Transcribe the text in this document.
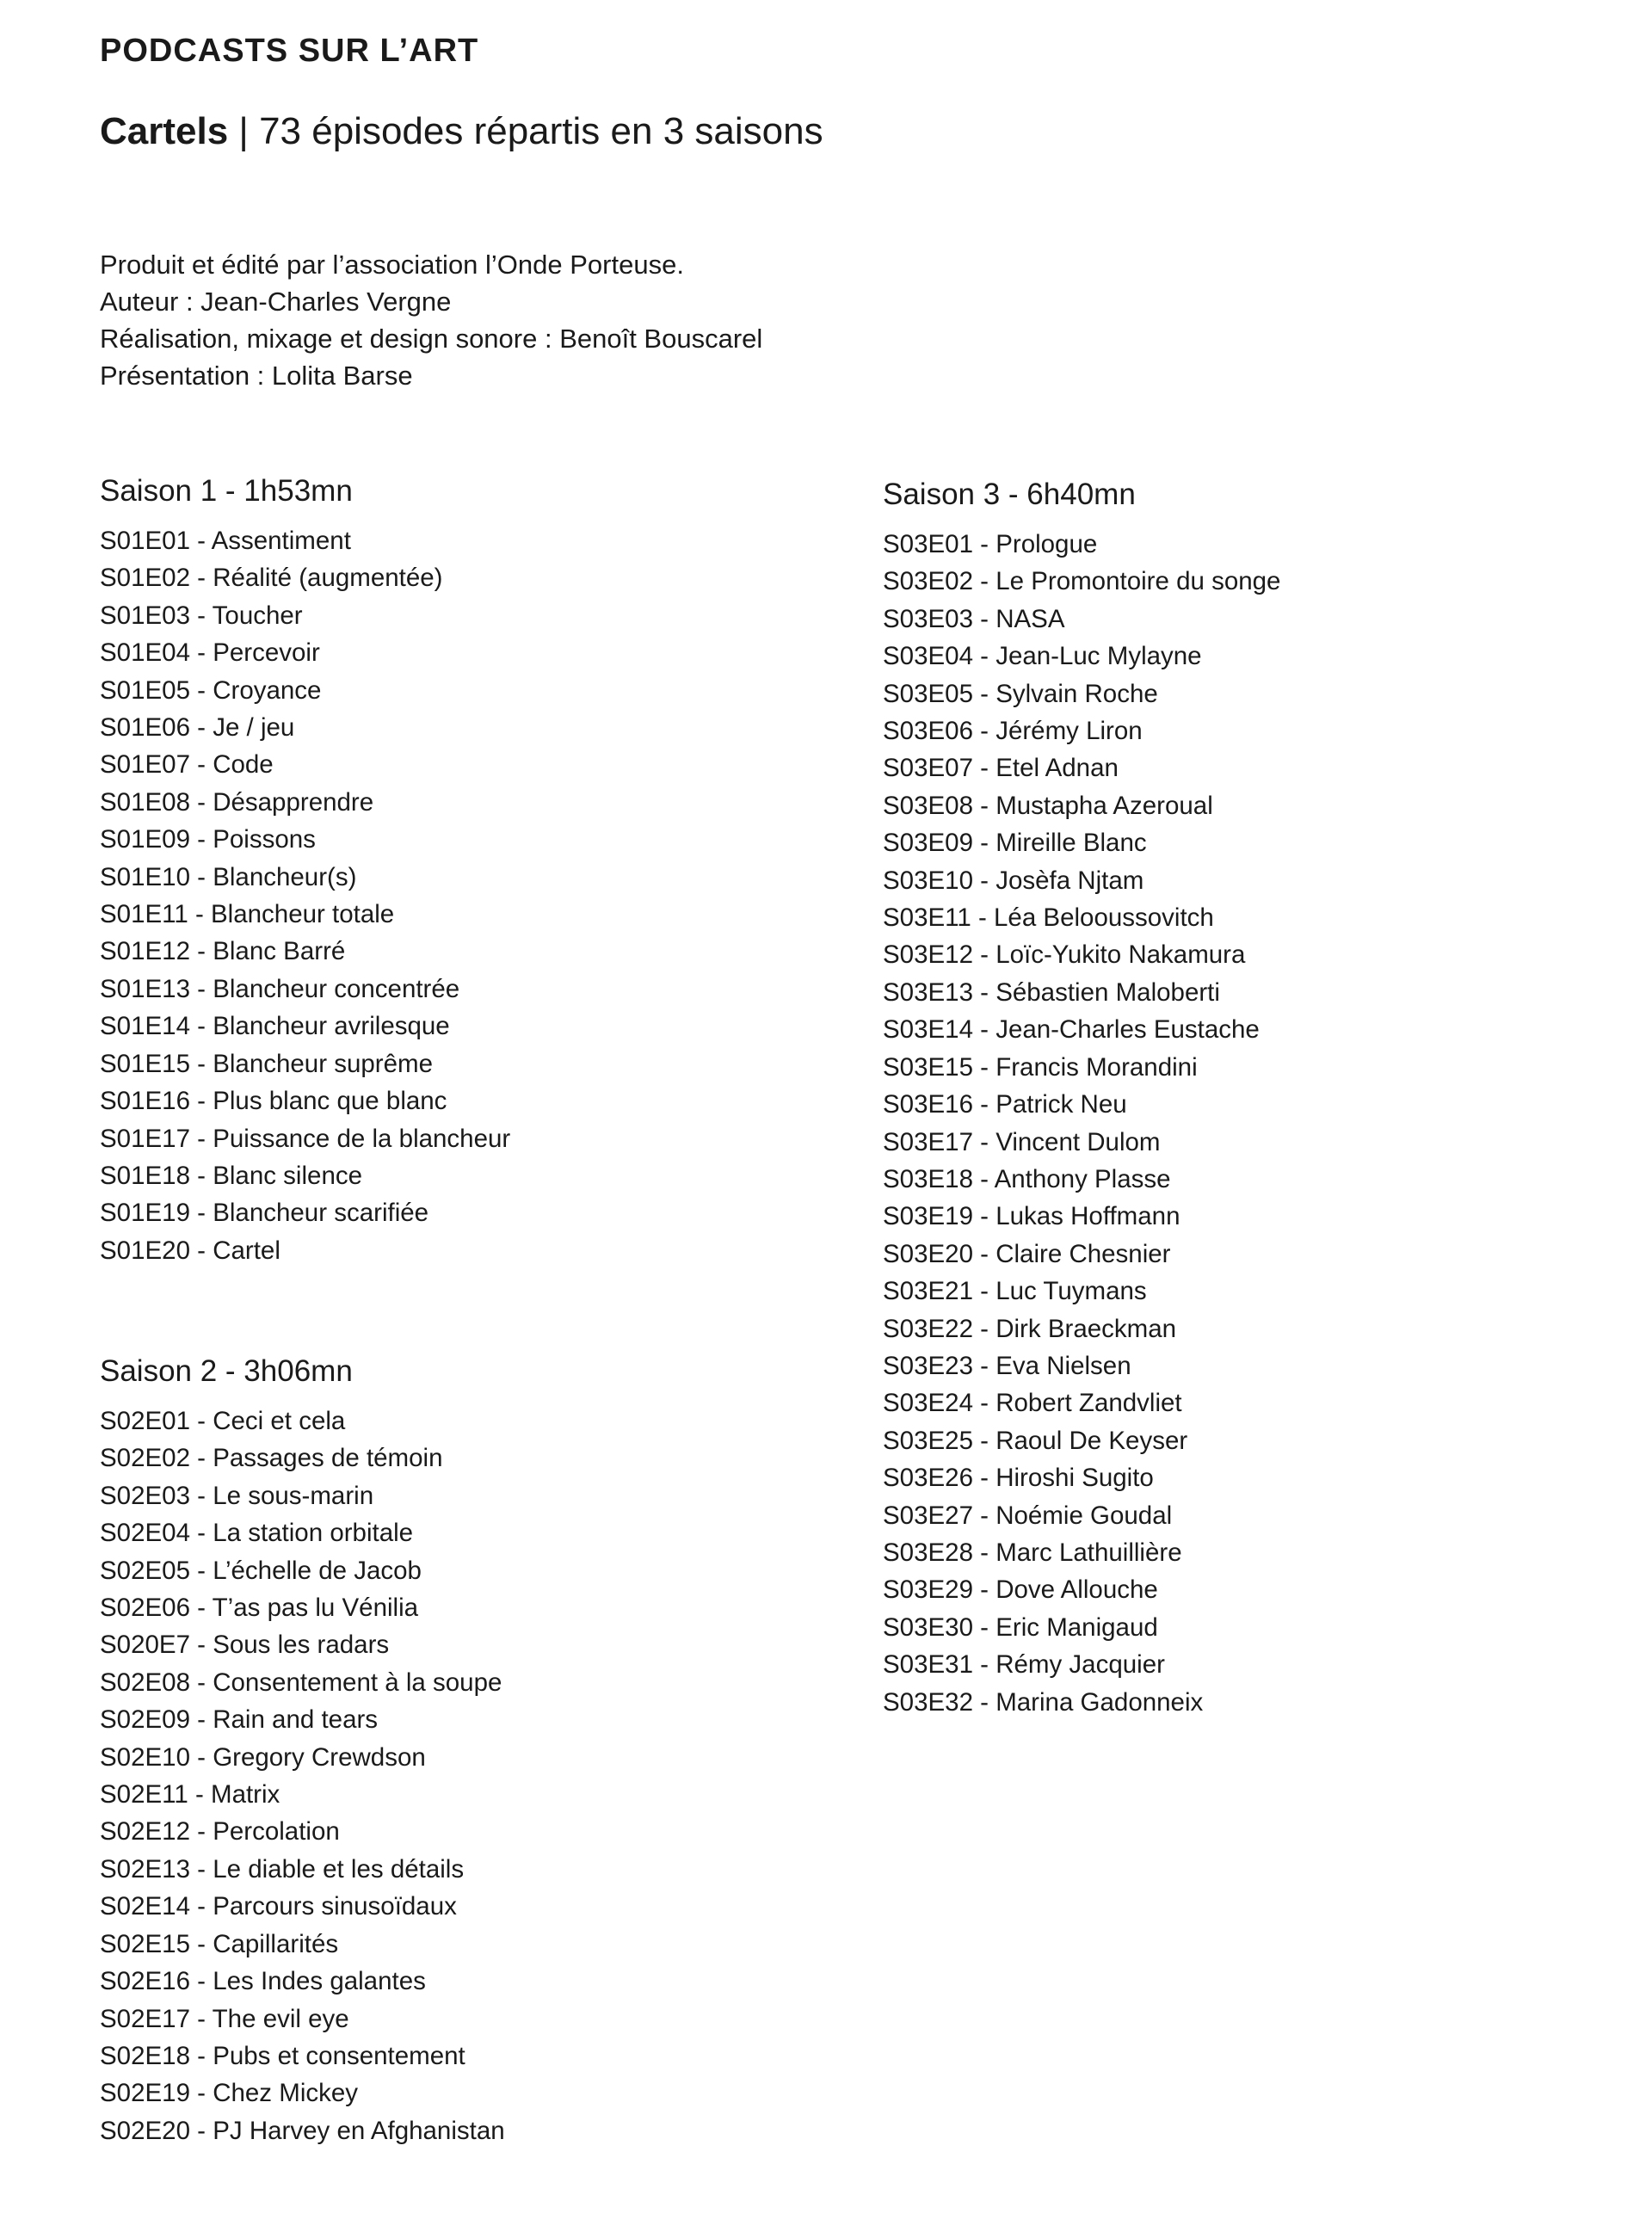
PODCASTS SUR L’ART
Cartels | 73 épisodes répartis en 3 saisons
Produit et édité par l’association l’Onde Porteuse.
Auteur : Jean-Charles Vergne
Réalisation, mixage et design sonore : Benoît Bouscarel
Présentation : Lolita Barse
Saison 1 - 1h53mn
S01E01 - Assentiment
S01E02 - Réalité (augmentée)
S01E03 - Toucher
S01E04 - Percevoir
S01E05 - Croyance
S01E06 - Je / jeu
S01E07 - Code
S01E08 - Désapprendre
S01E09 - Poissons
S01E10 - Blancheur(s)
S01E11 - Blancheur totale
S01E12 - Blanc Barré
S01E13 - Blancheur concentrée
S01E14 - Blancheur avrilesque
S01E15 - Blancheur suprême
S01E16 - Plus blanc que blanc
S01E17 - Puissance de la blancheur
S01E18 - Blanc silence
S01E19 - Blancheur scarifiée
S01E20 - Cartel
Saison 2 - 3h06mn
S02E01 - Ceci et cela
S02E02 - Passages de témoin
S02E03 - Le sous-marin
S02E04 - La station orbitale
S02E05 - L’échelle de Jacob
S02E06 - T’as pas lu Vénilia
S020E7 - Sous les radars
S02E08 - Consentement à la soupe
S02E09 - Rain and tears
S02E10 - Gregory Crewdson
S02E11 - Matrix
S02E12 - Percolation
S02E13 - Le diable et les détails
S02E14 - Parcours sinusoïdaux
S02E15 - Capillarités
S02E16 - Les Indes galantes
S02E17 - The evil eye
S02E18 - Pubs et consentement
S02E19 - Chez Mickey
S02E20 - PJ Harvey en Afghanistan
Saison 3 - 6h40mn
S03E01 - Prologue
S03E02 - Le Promontoire du songe
S03E03 - NASA
S03E04 - Jean-Luc Mylayne
S03E05 - Sylvain Roche
S03E06 - Jérémy Liron
S03E07 - Etel Adnan
S03E08 - Mustapha Azeroual
S03E09 - Mireille Blanc
S03E10 - Josèfa Njtam
S03E11 - Léa Belooussovitch
S03E12 - Loïc-Yukito Nakamura
S03E13 - Sébastien Maloberti
S03E14 - Jean-Charles Eustache
S03E15 - Francis Morandini
S03E16 - Patrick Neu
S03E17 - Vincent Dulom
S03E18 - Anthony Plasse
S03E19 - Lukas Hoffmann
S03E20 - Claire Chesnier
S03E21 - Luc Tuymans
S03E22 - Dirk Braeckman
S03E23 - Eva Nielsen
S03E24 - Robert Zandvliet
S03E25 - Raoul De Keyser
S03E26 - Hiroshi Sugito
S03E27 - Noémie Goudal
S03E28 - Marc Lathuillière
S03E29 - Dove Allouche
S03E30 - Eric Manigaud
S03E31 - Rémy Jacquier
S03E32 - Marina Gadonneix
